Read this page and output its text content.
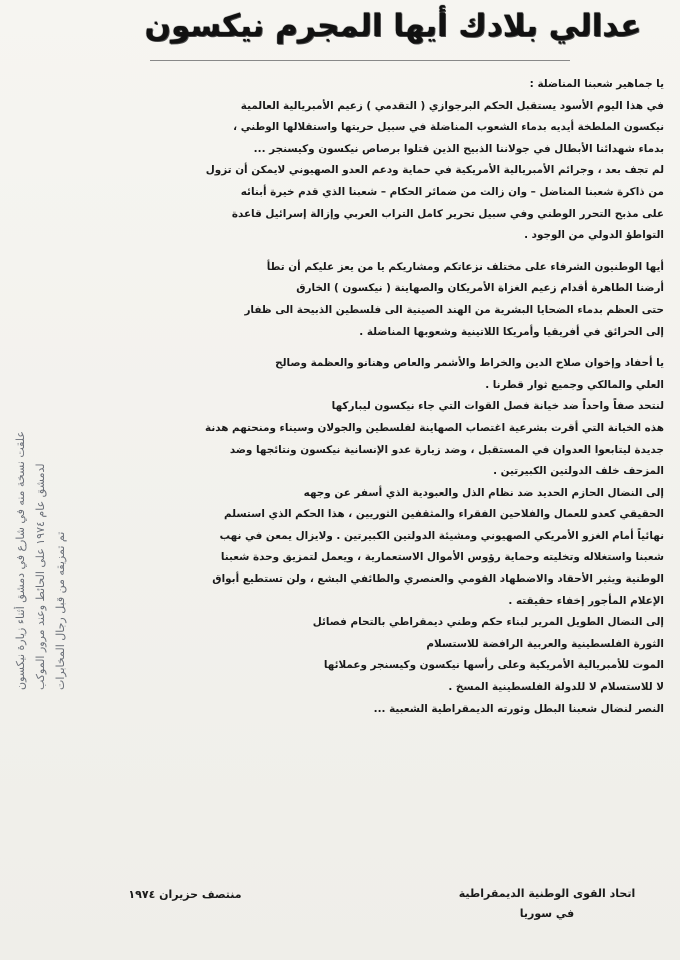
علقت نسخة منه في شارع في دمشق أثناء زيارة نيكسون لدمشق عام ١٩٧٤ على الحائط وعند مرور الموكب
تم تمزيقه من قبل رجال المخابرات
عدالي بلادك أيها المجرم نيكسون

يا جماهير شعبنا المناضلة :

في هذا اليوم الأسود يستقبل الحكم البرجوازي ( التقدمي ) زعيم الأمبريالية العالمية

نيكسون الملطخة أيديه بدماء الشعوب المناضلة في سبيل حريتها واستقلالها الوطني ،

بدماء شهدائنا الأبطال في جولاننا الذبيح الذين قتلوا برصاص نيكسون وكيسنجر ...

لم تجف بعد ، وجرائم الأمبريالية الأمريكية في حماية ودعم العدو الصهيوني لايمكن أن تزول

من ذاكرة شعبنا المناضل – وان زالت من ضمائر الحكام – شعبنا الذي قدم خيرة أبنائه

على مذبح التحرر الوطني وفي سبيل تحرير كامل التراب العربي وإزالة إسرائيل قاعدة

التواطؤ الدولي من الوجود .

أيها الوطنيون الشرفاء على مختلف نزعاتكم ومشاريكم يا من يعز عليكم أن تطأ

أرضنا الطاهرة أقدام زعيم الغزاة الأمريكان والصهاينة ( نيكسون ) الخارق

حتى العظم بدماء الضحايا البشرية من الهند الصينية الى فلسطين الذبيحة الى ظفار

إلى الحرائق في أفريقيا وأمريكا اللاتينية وشعوبها المناضلة .

يا أحفاد وإخوان صلاح الدين والخراط والأشمر والعاص وهنانو والعظمة وصالح

العلي والمالكي وجميع ثوار قطرنا .

لنتحد صفاً واحداً ضد خيانة فصل القوات التي جاء نيكسون ليباركها

هذه الخيانة التي أقرت بشرعية اغتصاب الصهاينة لفلسطين والجولان وسيناء ومنحتهم هدنة

جديدة ليتابعوا العدوان في المستقبل ، وضد زيارة عدو الإنسانية نيكسون ونتائجها وضد

المزحف خلف الدولتين الكبيرتين .

إلى النضال الحازم الحديد ضد نظام الذل والعبودية الذي أسفر عن وجهه

الحقيقي كعدو للعمال والفلاحين الفقراء والمثقفين الثوريين ، هذا الحكم الذي استسلم

نهائياً أمام الغزو الأمريكي الصهيوني ومشيئة الدولتين الكبيرتين . ولايزال يمعن في نهب

شعبنا واستغلاله وتخليته وحماية رؤوس الأموال الاستعمارية ، ويعمل لتمزيق وحدة شعبنا

الوطنية ويثير الأحقاد والاضطهاد القومي والعنصري والطائفي البشع ، ولن تستطيع أبواق

الإعلام المأجور إخفاء حقيقته .

إلى النضال الطويل المرير لبناء حكم وطني ديمقراطي بالتحام فصائل

الثورة الفلسطينية والعربية الرافضة للاستسلام

الموت للأمبريالية الأمريكية وعلى رأسها نيكسون وكيسنجر وعملائها

لا للاستسلام لا للدولة الفلسطينية المسخ .

النصر لنضال شعبنا البطل وثورته الديمقراطية الشعبية ...

اتحاد القوى الوطنية الديمقراطية
في سوريا
منتصف حزيران ١٩٧٤
